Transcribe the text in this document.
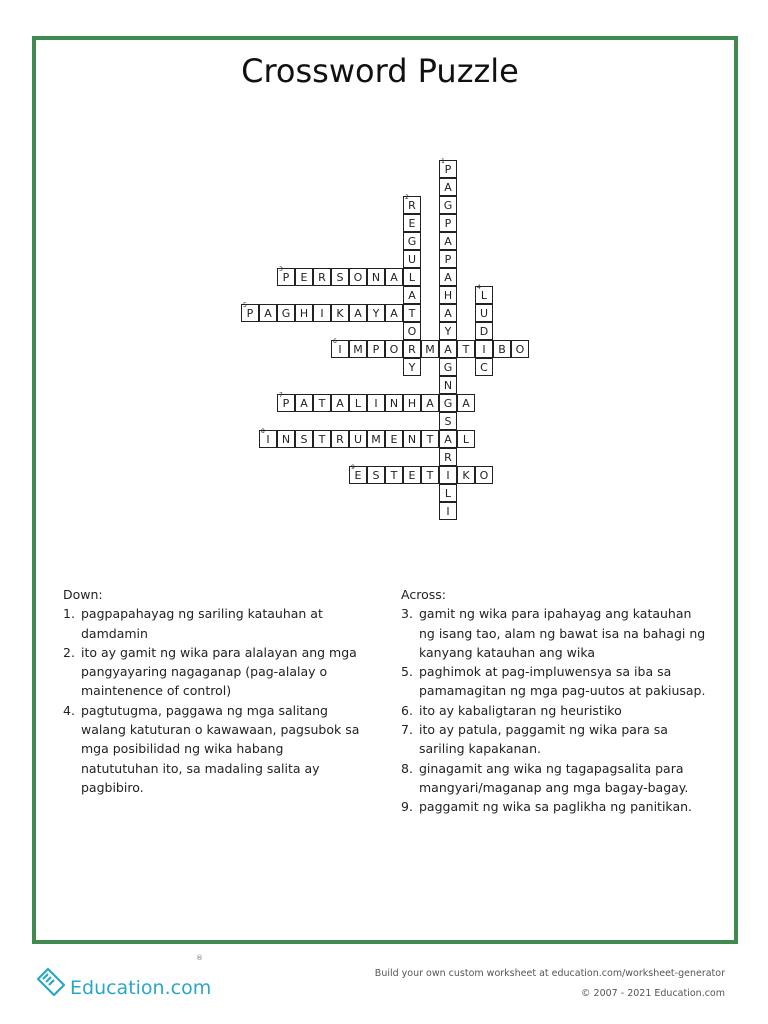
Crossword Puzzle
P
1
A
G
P
A
P
A
H
A
Y
A
G
N
G
S
A
R
I
L
I
R
2
E
G
U
L
A
T
O
R
Y
P
3
E R S O N A
L
4
U
D
I
C
P
5
A G H	I	K A Y A
I
6
M P O	M	T	B O
P
7
A T A	L	I	N H A	A
I
8
N S	T R U M E N T	L
E
9
S	T	E	T	K O
Down:
1. pagpapahayag ng sariling katauhan at damdamin
2. ito ay gamit ng wika para alalayan ang mga pangyayaring nagaganap (pag-alalay o maintenence of control)
4. pagtutugma, paggawa ng mga salitang walang katuturan o kawawaan, pagsubok sa mga posibilidad ng wika habang natututuhan ito, sa madaling salita ay pagbibiro.
Across:
3. gamit ng wika para ipahayag ang katauhan ng isang tao, alam ng bawat isa na bahagi ng kanyang katauhan ang wika
5. paghimok at pag-impluwensya sa iba sa pamamagitan ng mga pag-uutos at pakiusap.
6. ito ay kabaligtaran ng heuristiko
7. ito ay patula, paggamit ng wika para sa sariling kapakanan.
8. ginagamit ang wika ng tagapagsalita para mangyari/maganap ang mga bagay-bagay.
9. paggamit ng wika sa paglikha ng panitikan.
Education.com
®
Build your own custom worksheet at education.com/worksheet-generator
© 2007 - 2021 Education.com
